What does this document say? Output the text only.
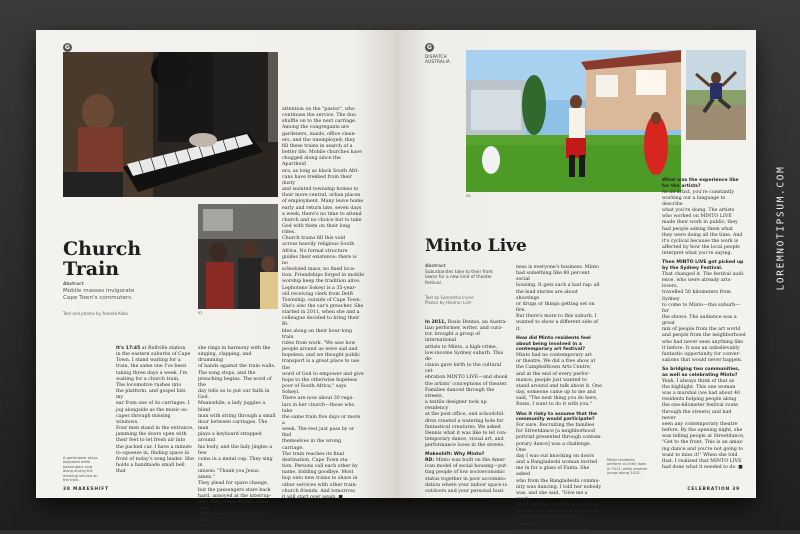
G
02
Church
Train
Abstract
Mobile masses invigorate
Cape Town's commuters.
Text and photos by Asanda Koko
It's 17:45 at Bellville station
in the eastern suburbs of Cape
Town. I stand waiting for a
train, the same one I've been
taking three days a week. I'm
waiting for a church train.
The locomotive rushes into
the platform, and gospel hits my
ear from one of its carriages. I
jog alongside as the music es-
capes through missing windows.
Four men stand in the entrance,
jamming the doors open with
their feet to let fresh air into
the packed car. I have a minute
to squeeze in, finding space in
front of today's song leader. She
holds a handmade small bell that
she rings in harmony with the
singing, clapping, and drumming
of hands against the train walls.
The song stops, and the
preaching begins. The word of the
day tells us to put our faith in God.
Meanwhile, a lady juggles a blind
man with string through a small
door between carriages. The man
plays a keyboard strapped around
his body, and the lady jingles a few
coins in a metal cup. They sing in
unison: "Thank you Jesus, amen."
They plead for spare change,
but the passengers stare back
hard, annoyed at the interrup-
tion. Still, some donate a few rand
while the rest continue to fix their
attention on the "pastor", who
continues the service. The duo
shuffle on to the next carriage.
Among the congregants are
gardeners, maids, office clean-
ers, and the unemployed; they
fill these trains in search of a
better life. Mobile churches have
chugged along since the Apartheid
era, as long as black South Afri-
cans have trekked from their dusty
and isolated township homes to
their more central, urban places
of employment. Many leave home
early and return late, seven days
a week; there's no time to attend
church and no choice but to take
God with them on their long rides.
Church trains fill this void
across heavily religious South
Africa. No formal structure
guides their existence: there is no
scheduled mass, no fixed loca-
tion. Friendships forged in mobile
worship keep the tradition alive.
Lephoteno Sokeyi is a 35-year-
old receiving clerk from Delft
Township, outside of Cape Town.
She's also the car's preacher. She
started in 2011, when she and a
colleague decided to bring their Bi-
bles along on their hour-long train
rides from work. "We saw how
people around us were sad and
hopeless, and we thought public
transport is a great place to use the
word of God to empower and give
hope to the otherwise hopeless
poor of South Africa," says Sokeyi.
There are now about 30 regu-
lars in her church—those who take
the same train five days or more a
week. The rest just pass by or find
themselves in the wrong carriage.
The train reaches its final
destination, Cape Town sta-
tion. Persons call each other by
name, bidding goodbye. Most
hop onto new trains to share in
other services with other train-
church friends. And tomorrow,
it will start over again. ■
A parishioner plays
keyboard while
passengers sing
along during the
morning service on
the train.
38 MAKESHIFT
G
DISPATCH
AUSTRALIA
03
Minto Live
Abstract
Suburbanites take to their front
lawns for a new kind of theater
festival.
Text by Samantha Irvine
Photos by Heidrun Lohr
In 2011, Rosie Dennis, an Austra-
lian performer, writer, and cura-
tor, brought a group of international
artists to Minto, a high-crime,
low-income Sydney suburb. This de-
cision gave birth to the cultural cel-
ebration MINTO LIVE—and shook
the artists' conceptions of theater.
Families danced through the streets,
a textile designer took up residency
at the post office, and schoolchil-
dren created a watering hole for
fantastical creatures. We asked
Dennis what it was like to let con-
temporary dance, visual art, and
performance loose in the streets.
Makeshift: Why Minto?
RD: Minto was built on the Amer-
ican model of social housing—put-
ting people of low socioeconomic
status together in poor accommo-
dation where your indoor space is
outdoors and your personal busi-
ness is everyone's business. Minto
had something like 80 percent social
housing. It gets such a bad rap: all
the lead stories are about shootings
or drugs or things getting set on fire.
But there's more to this suburb. I
wanted to show a different side of it.
How did Minto residents feel about being involved in a contemporary art festival?
Minto had no contemporary art
or theatre. We did a free show at
the Campbelltown Arts Centre,
and at the end of every perfor-
mance, people just wanted to
stand around and talk about it. One
day, someone came up to me and
said, "The next thing you do here,
Rosie, I want to do it with you."
Was it risky to assume that the community would participate?
For sure. Recruiting the families
for Streetdance [a neighborhood
portrait presented through contem-
porary dance] was a challenge. One
day I was out knocking on doors
and a Bangladeshi woman invited
me in for a glass of Fanta. She asked
who from the Bangladeshi commu-
nity was dancing. I told her nobody
was, and she said, "Give me a week,
and I will find a family who will do
this for you. We have to be part of
this." When things like that happen,
you know it's going to be okay.
Minto residents
perform on their lawn
in 2013, while another
jumps along 2013.
What was the experience like for the artists?
As an artist, you're constantly
working out a language to describe
what you're doing. The artists
who worked on MINTO LIVE
made their work in public; they
had people asking them what
they were doing all the time. And
it's cyclical because the work is
affected by how the local people
interpret what you're saying.
Then MINTO LIVE got picked up by the Sydney Festival.
That changed it. The festival audi-
ence, who were already arts-lovers,
travelled 50 kilometers from Sydney
to come to Minto—this suburb—for
the shows. The audience was a great
mix of people from the art world
and people from the neighborhood
who had never seen anything like
it before. It was an unbelievably
fantastic opportunity for conver-
sations that would never happen.
So bridging two communities, as well as celebrating Minto?
Yeah, I always think of that as
the highlight. This one woman
was a marshal (we had about 40
residents helping people along
the one-kilometer festival route
through the streets) and had never
seen any contemporary theatre
before. By the opening night, she
was telling people at Streetdance,
"Get to the front. This is an amaz-
ing dance and you're not going to
want to miss it!" When she told
that, I realized that MINTO LIVE
had done what it needed to do. ■
CELEBRATION 39
LOREMNOTIPSUM.COM
